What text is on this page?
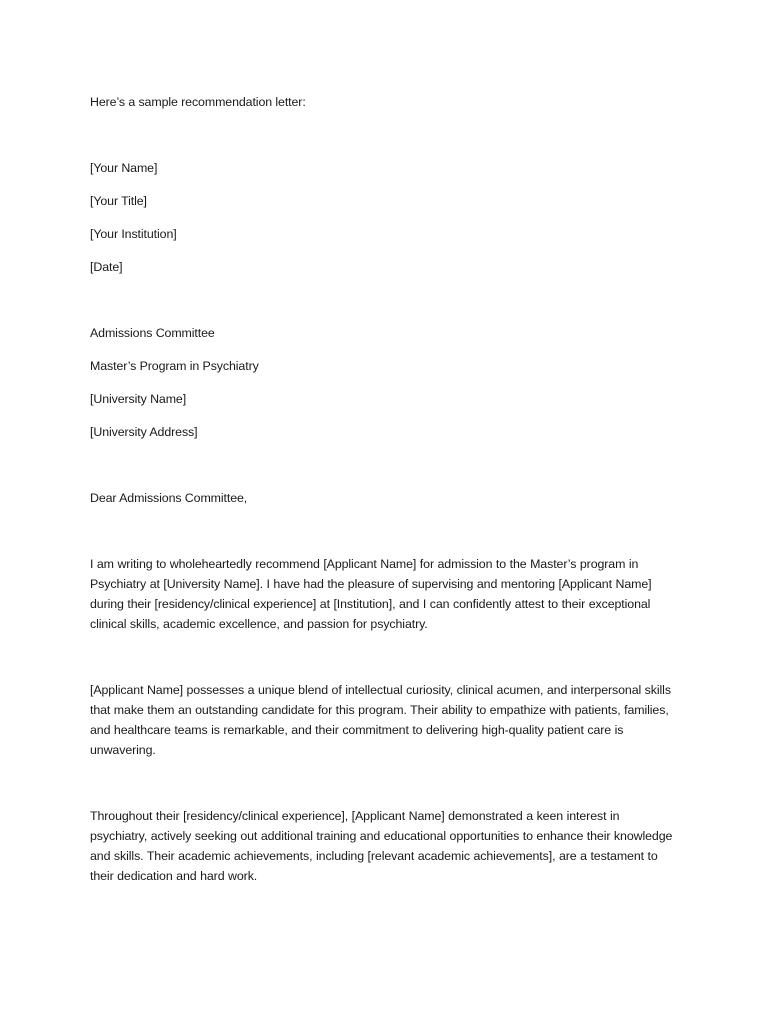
Here’s a sample recommendation letter:

[Your Name]

[Your Title]

[Your Institution]

[Date]

Admissions Committee

Master’s Program in Psychiatry

[University Name]

[University Address]

Dear Admissions Committee,

I am writing to wholeheartedly recommend [Applicant Name] for admission to the Master’s program in Psychiatry at [University Name]. I have had the pleasure of supervising and mentoring [Applicant Name] during their [residency/clinical experience] at [Institution], and I can confidently attest to their exceptional clinical skills, academic excellence, and passion for psychiatry.

[Applicant Name] possesses a unique blend of intellectual curiosity, clinical acumen, and interpersonal skills that make them an outstanding candidate for this program. Their ability to empathize with patients, families, and healthcare teams is remarkable, and their commitment to delivering high-quality patient care is unwavering.

Throughout their [residency/clinical experience], [Applicant Name] demonstrated a keen interest in psychiatry, actively seeking out additional training and educational opportunities to enhance their knowledge and skills. Their academic achievements, including [relevant academic achievements], are a testament to their dedication and hard work.
